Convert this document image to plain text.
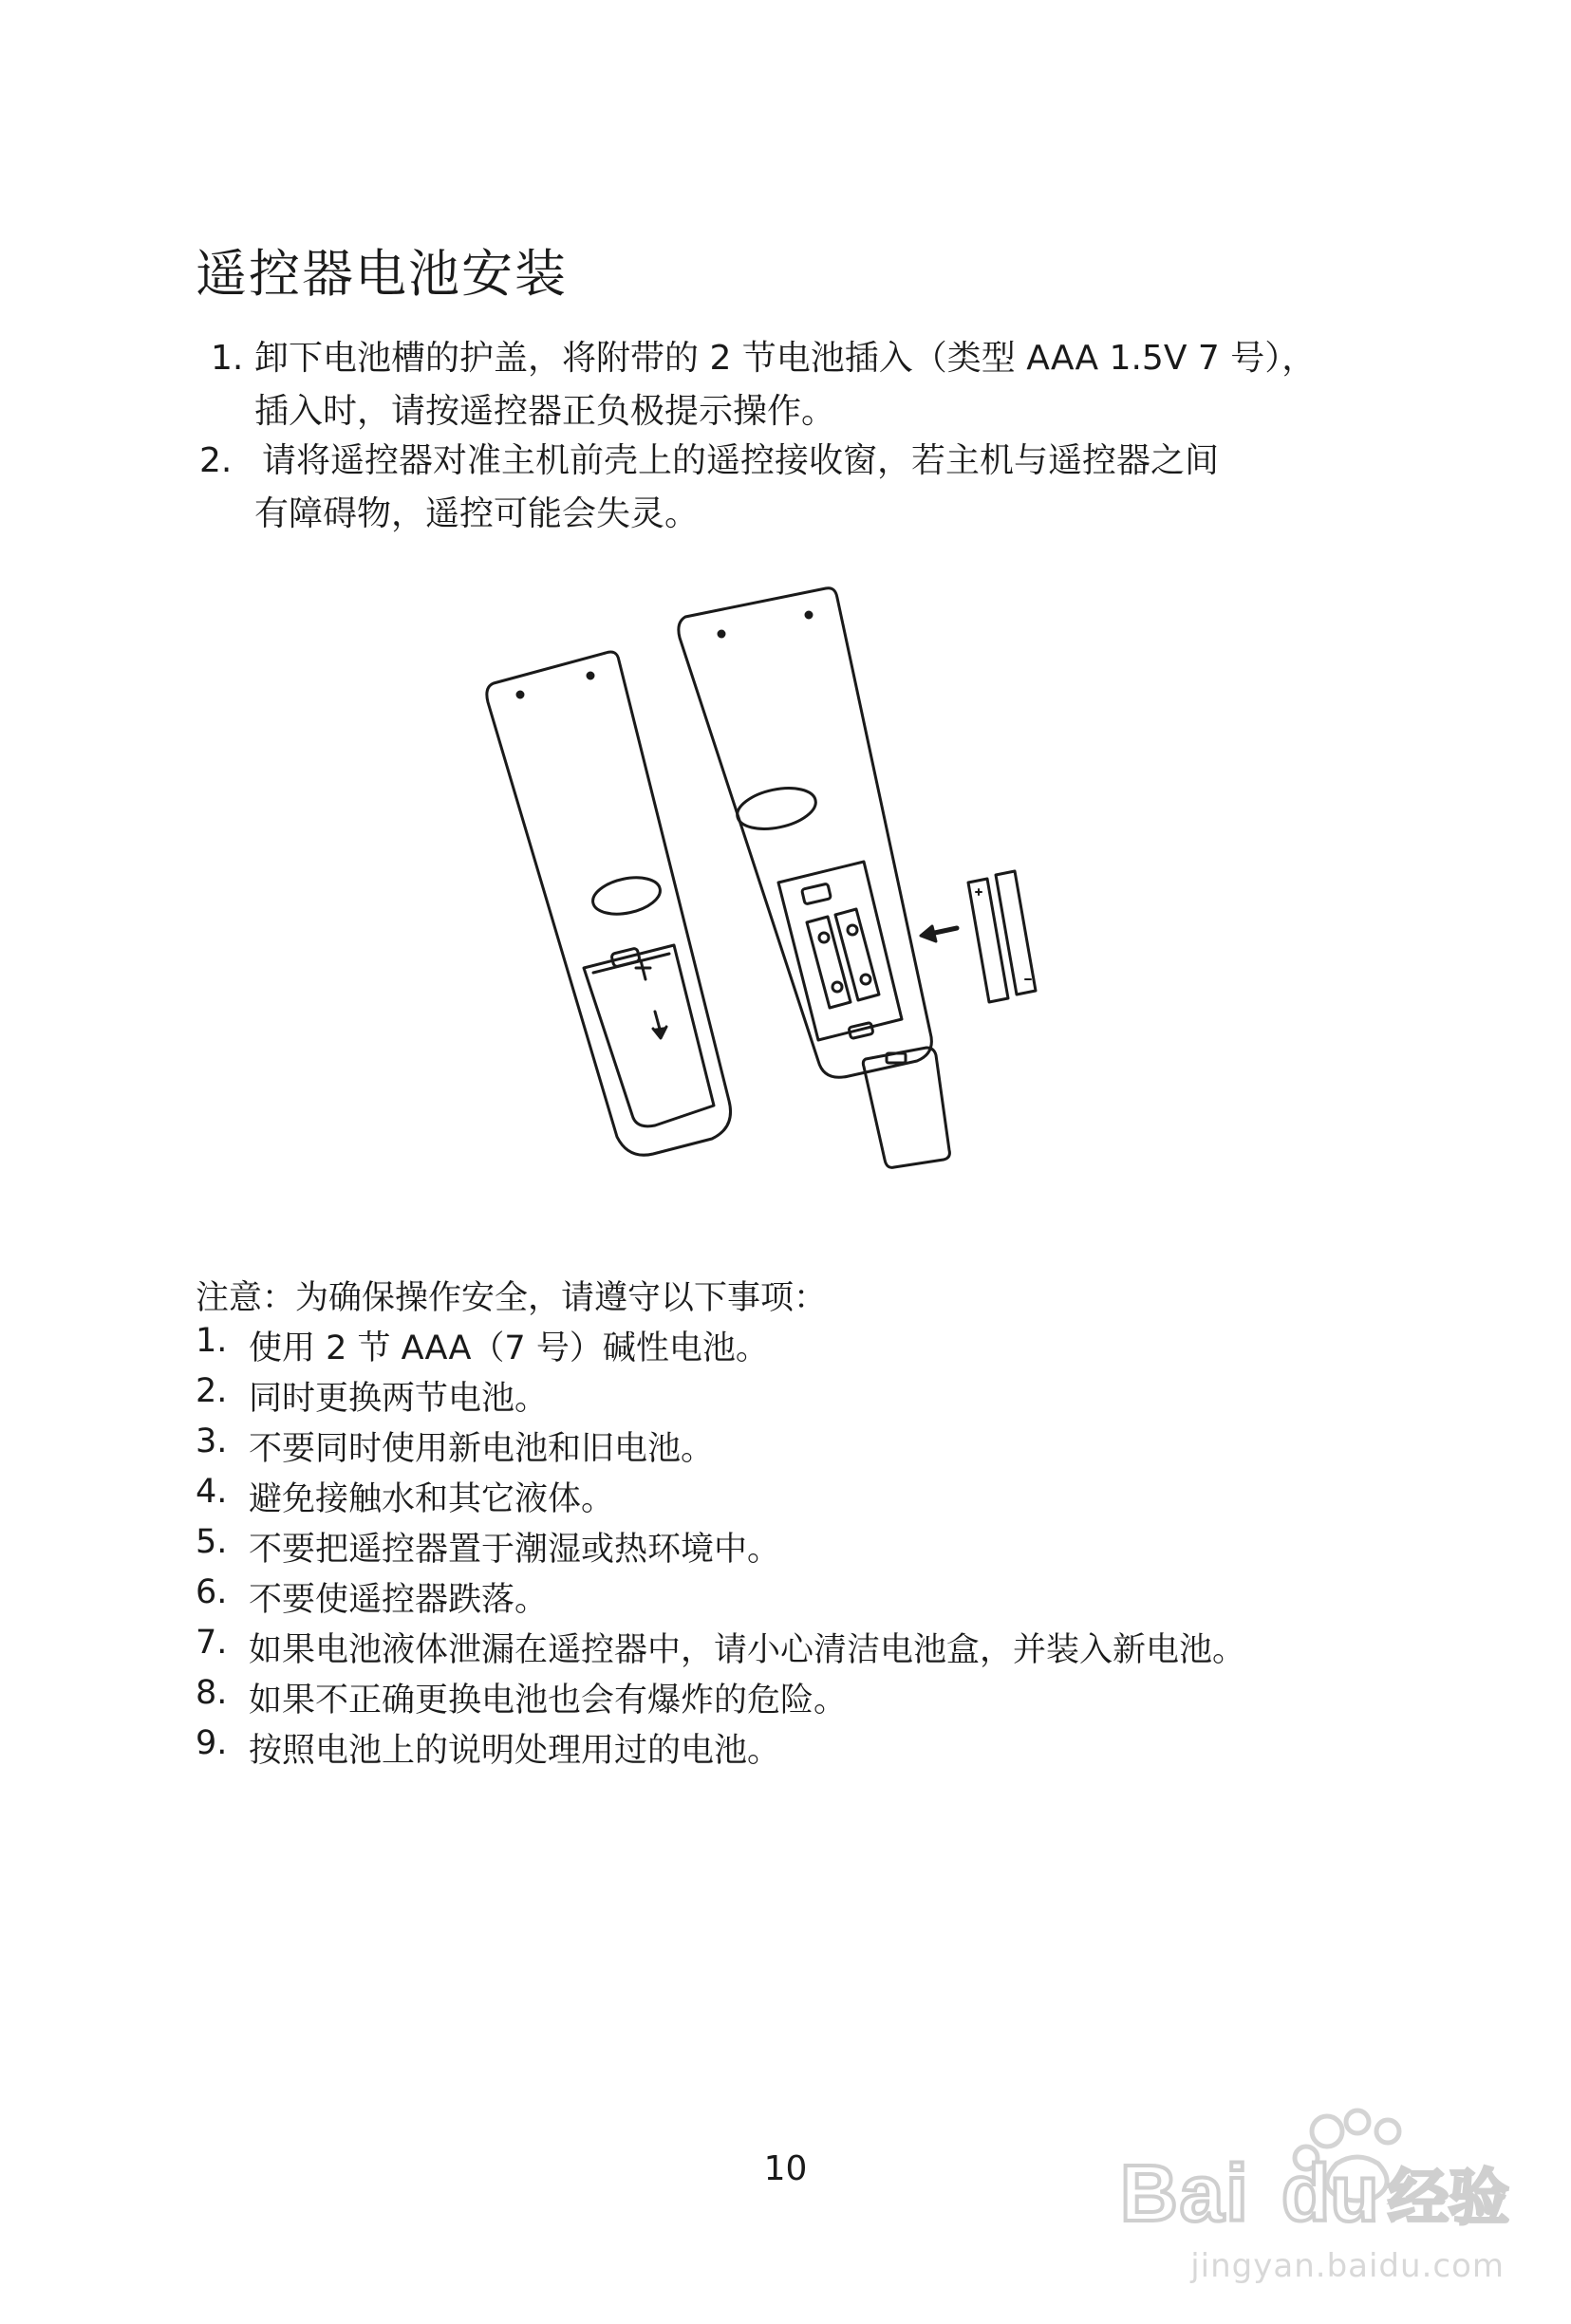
遥控器电池安装
1. 卸下电池槽的护盖，将附带的 2 节电池插入（类型 AAA 1.5V 7 号），
插入时，请按遥控器正负极提示操作。
2. 请将遥控器对准主机前壳上的遥控接收窗，若主机与遥控器之间
有障碍物，遥控可能会失灵。
注意：为确保操作安全，请遵守以下事项：
1. 使用 2 节 AAA（7 号）碱性电池。
2. 同时更换两节电池。
3. 不要同时使用新电池和旧电池。
4. 避免接触水和其它液体。
5. 不要把遥控器置于潮湿或热环境中。
6. 不要使遥控器跌落。
7. 如果电池液体泄漏在遥控器中，请小心清洁电池盒，并装入新电池。
8. 如果不正确更换电池也会有爆炸的危险。
9. 按照电池上的说明处理用过的电池。
10	Bai du 经验
jingyan.baidu.com
